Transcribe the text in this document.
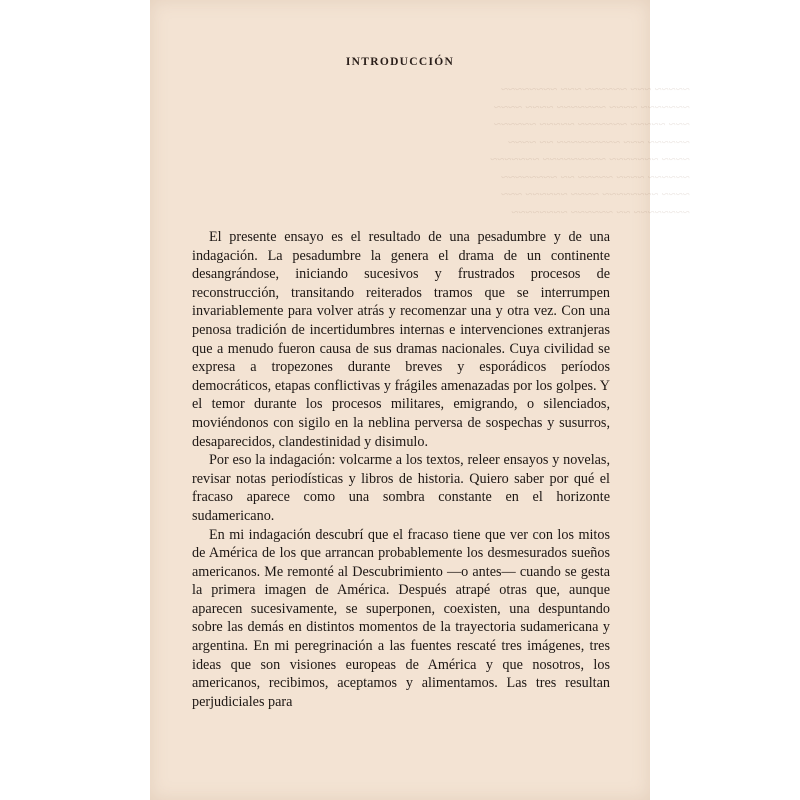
~~~~~ ~~~ ~~~~~~ ~~~ ~~~~~~~~
~~~~~~~ ~~~~ ~~~~~~~ ~~~~ ~~~~
~~~ ~~~~~ ~~~~~~~ ~~~~~ ~~~~~~
~~~~~~ ~~~ ~~~~~~~~~ ~~ ~~~~
~~~~ ~~~~~~~ ~~~~~~~~~ ~~~~~~~
~~~~~~ ~~~~ ~~~~~ ~~ ~~~~~~~~
~~~~ ~~~~~~~~ ~~~~ ~~~~~~ ~~~
~~~~~~~~ ~~ ~~~~~~ ~~~~~~~~
INTRODUCCIÓN

El presente ensayo es el resultado de una pesadumbre y de una indagación. La pesadumbre la genera el drama de un continente desangrándose, iniciando sucesivos y frustrados procesos de reconstrucción, transitando reiterados tramos que se interrumpen invariablemente para volver atrás y recomenzar una y otra vez. Con una penosa tradición de incertidumbres internas e intervenciones extranjeras que a menudo fueron causa de sus dramas nacionales. Cuya civilidad se expresa a tropezones durante breves y esporádicos períodos democráticos, etapas conflictivas y frágiles amenazadas por los golpes. Y el temor durante los procesos militares, emigrando, o silenciados, moviéndonos con sigilo en la neblina perversa de sospechas y susurros, desaparecidos, clandestinidad y disimulo.

Por eso la indagación: volcarme a los textos, releer ensayos y novelas, revisar notas periodísticas y libros de historia. Quiero saber por qué el fracaso aparece como una sombra constante en el horizonte sudamericano.

En mi indagación descubrí que el fracaso tiene que ver con los mitos de América de los que arrancan probablemente los desmesurados sueños americanos. Me remonté al Descubrimiento —o antes— cuando se gesta la primera imagen de América. Después atrapé otras que, aunque aparecen sucesivamente, se superponen, coexisten, una despuntando sobre las demás en distintos momentos de la trayectoria sudamericana y argentina. En mi peregrinación a las fuentes rescaté tres imágenes, tres ideas que son visiones europeas de América y que nosotros, los americanos, recibimos, aceptamos y alimentamos. Las tres resultan perjudiciales para
